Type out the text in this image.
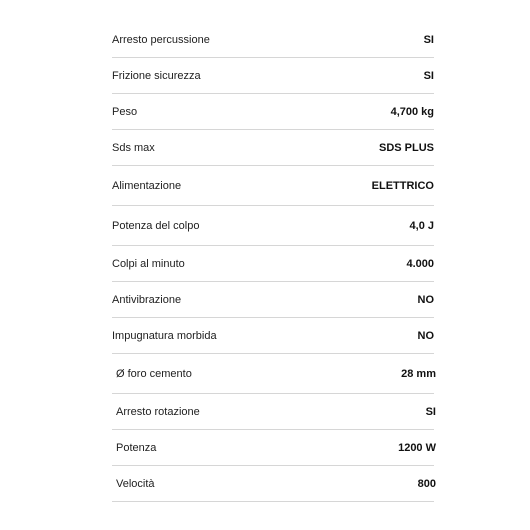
Arresto percussione	SI
Frizione sicurezza	SI
Peso	4,700 kg
Sds max	SDS PLUS
Alimentazione	ELETTRICO
Potenza del colpo	4,0 J
Colpi al minuto	4.000
Antivibrazione	NO
Impugnatura morbida	NO
Ø foro cemento	28 mm
Arresto rotazione	SI
Potenza	1200 W
Velocità	800
